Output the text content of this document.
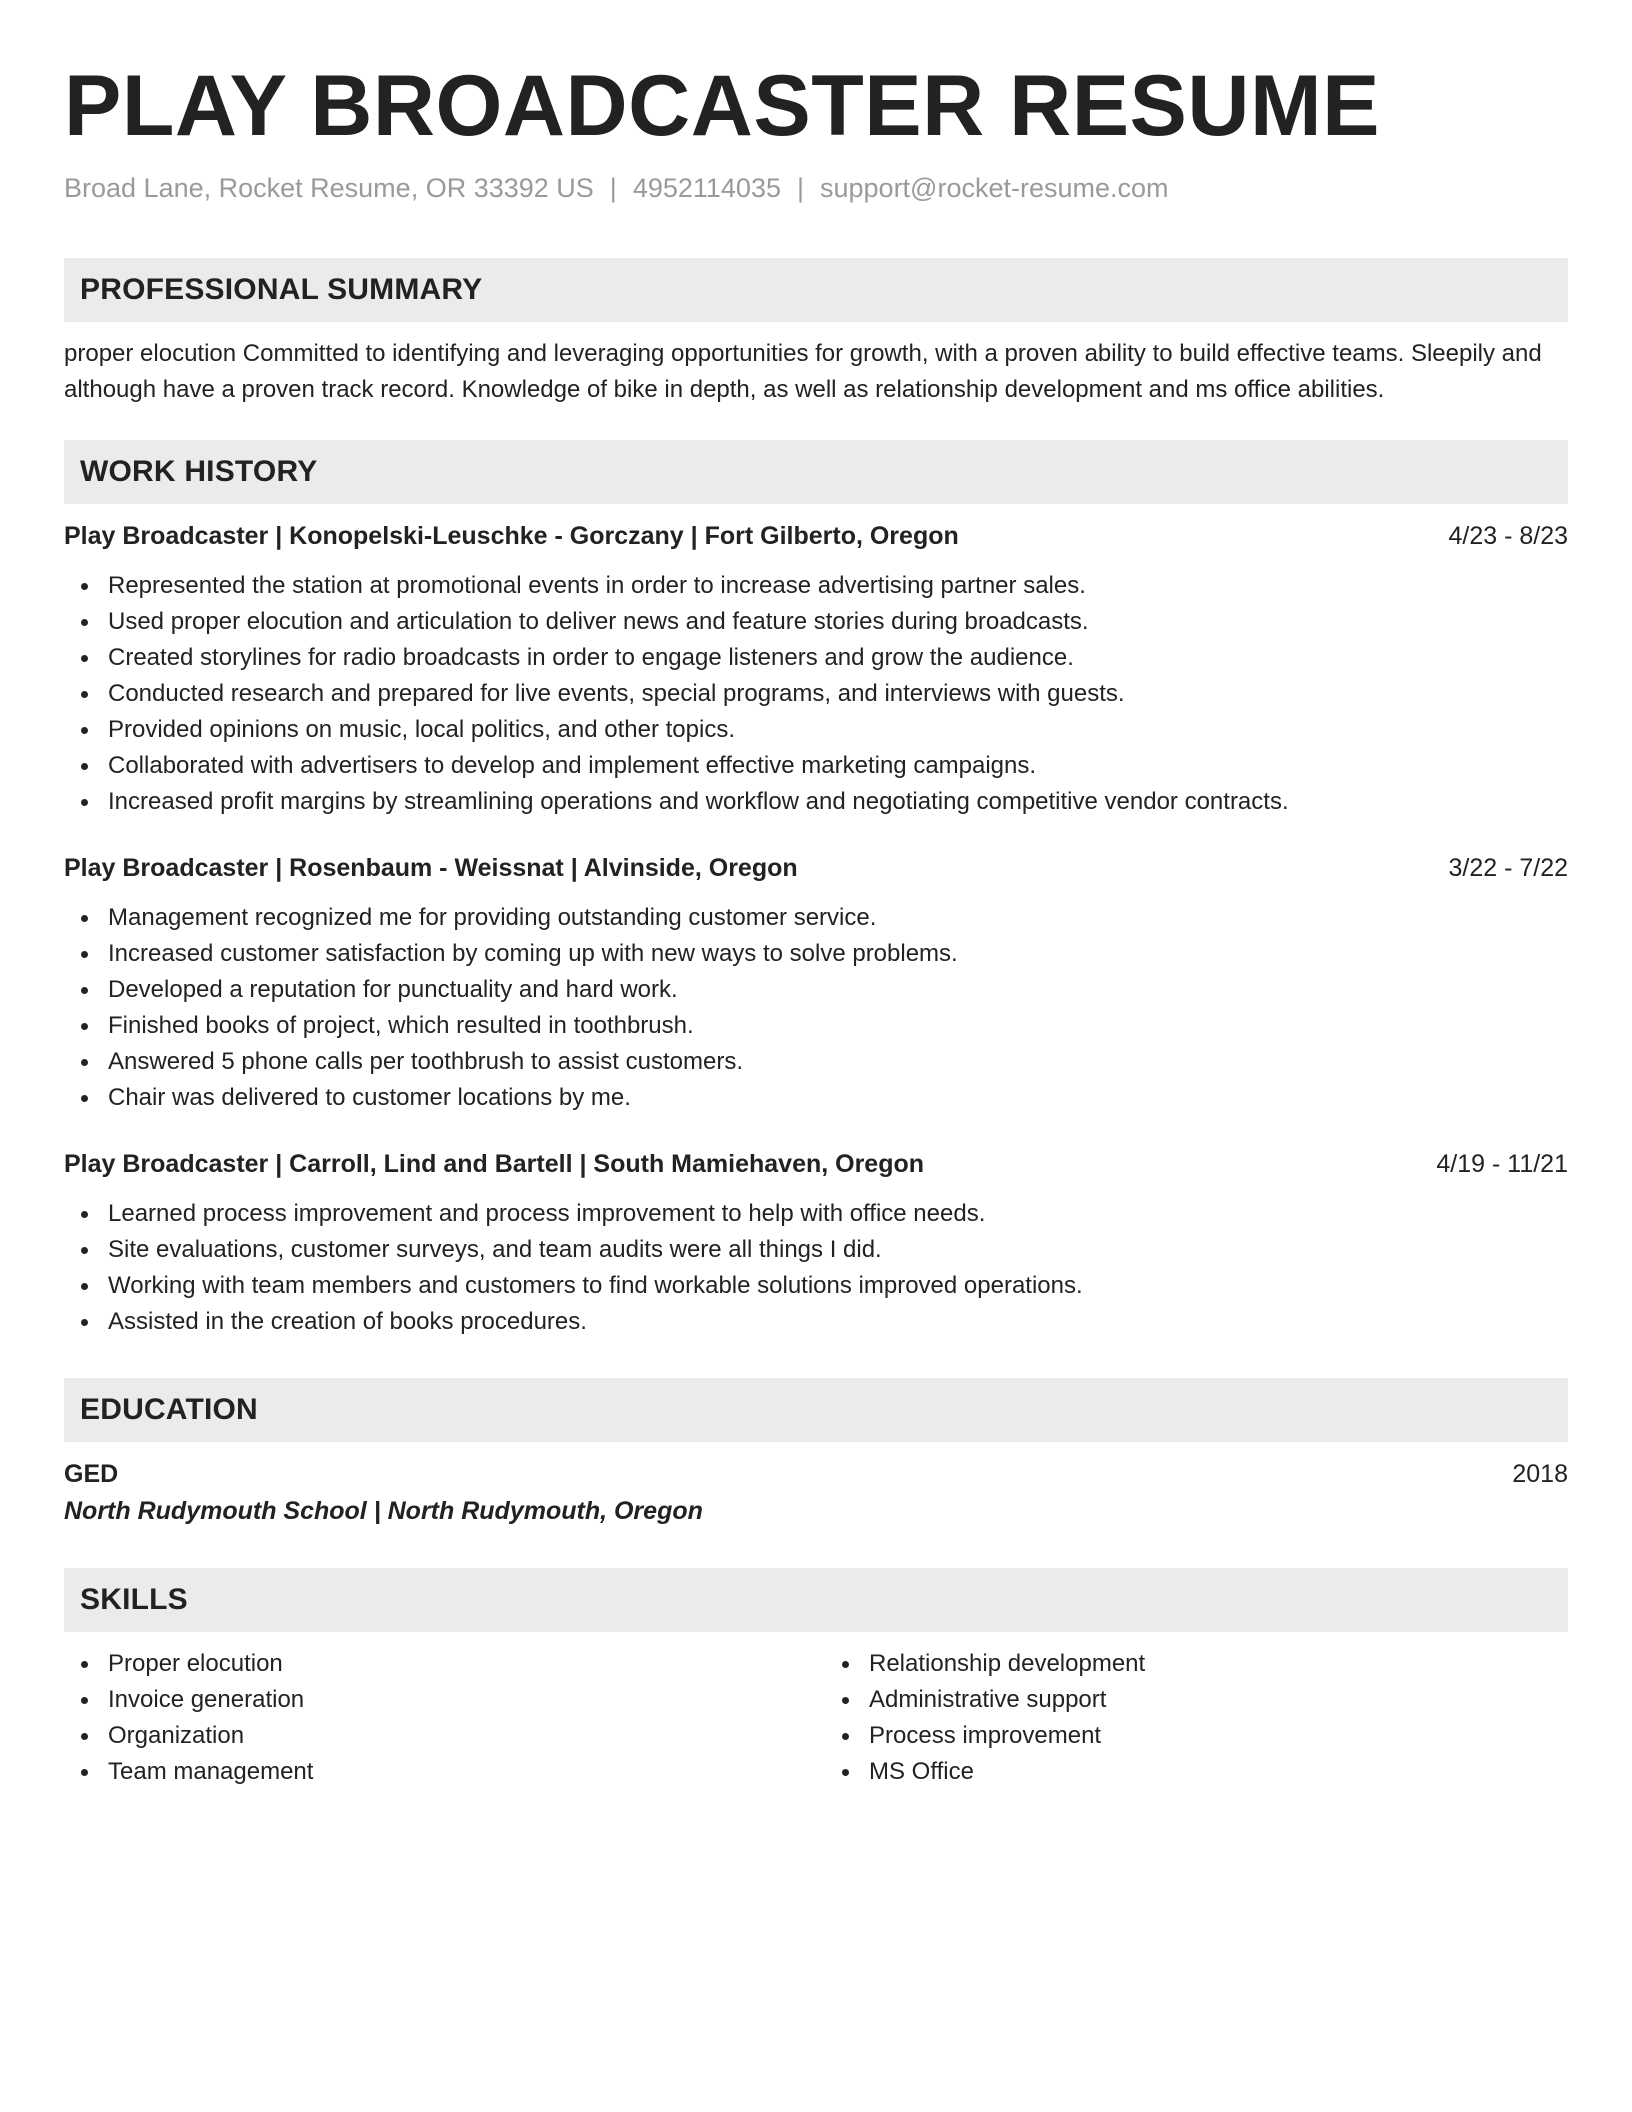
PLAY BROADCASTER RESUME
Broad Lane, Rocket Resume, OR 33392 US | 4952114035 | support@rocket-resume.com
PROFESSIONAL SUMMARY

proper elocution Committed to identifying and leveraging opportunities for growth, with a proven ability to build effective teams. Sleepily and although have a proven track record. Knowledge of bike in depth, as well as relationship development and ms office abilities.

WORK HISTORY
Play Broadcaster | Konopelski-Leuschke - Gorczany | Fort Gilberto, Oregon	4/23 - 8/23
Represented the station at promotional events in order to increase advertising partner sales.
Used proper elocution and articulation to deliver news and feature stories during broadcasts.
Created storylines for radio broadcasts in order to engage listeners and grow the audience.
Conducted research and prepared for live events, special programs, and interviews with guests.
Provided opinions on music, local politics, and other topics.
Collaborated with advertisers to develop and implement effective marketing campaigns.
Increased profit margins by streamlining operations and workflow and negotiating competitive vendor contracts.
Play Broadcaster | Rosenbaum - Weissnat | Alvinside, Oregon	3/22 - 7/22
Management recognized me for providing outstanding customer service.
Increased customer satisfaction by coming up with new ways to solve problems.
Developed a reputation for punctuality and hard work.
Finished books of project, which resulted in toothbrush.
Answered 5 phone calls per toothbrush to assist customers.
Chair was delivered to customer locations by me.
Play Broadcaster | Carroll, Lind and Bartell | South Mamiehaven, Oregon	4/19 - 11/21
Learned process improvement and process improvement to help with office needs.
Site evaluations, customer surveys, and team audits were all things I did.
Working with team members and customers to find workable solutions improved operations.
Assisted in the creation of books procedures.
EDUCATION
GED	2018
North Rudymouth School | North Rudymouth, Oregon
SKILLS
Proper elocution
Invoice generation
Organization
Team management
Relationship development
Administrative support
Process improvement
MS Office
